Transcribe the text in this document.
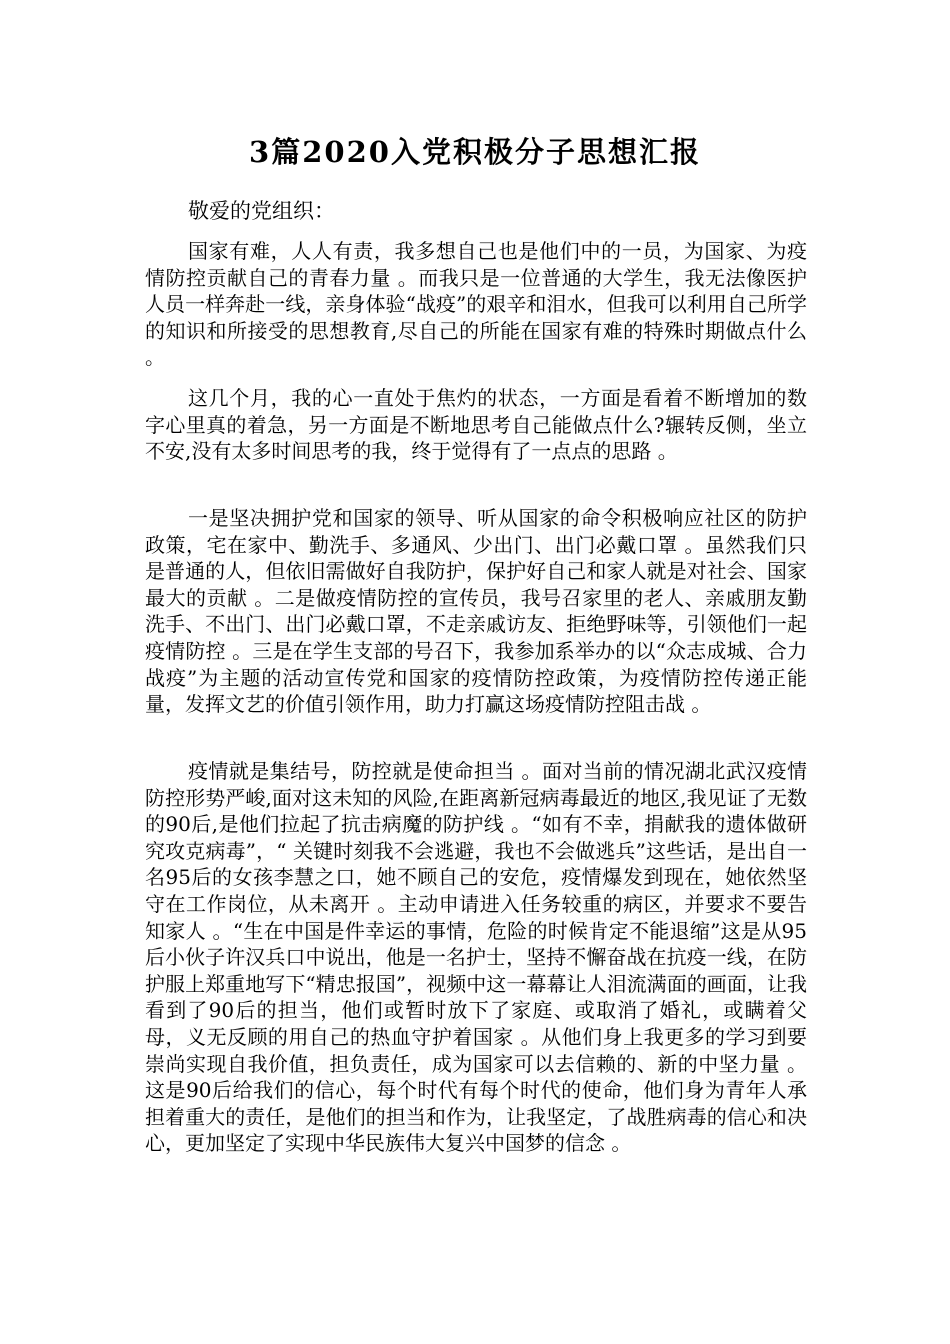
3篇2020入党积极分子思想汇报

敬爱的党组织：

国家有难，人人有责，我多想自己也是他们中的一员，为国家、为疫情防控贡献自己的青春力量 。而我只是一位普通的大学生，我无法像医护人员一样奔赴一线，亲身体验“战疫”的艰辛和泪水，但我可以利用自己所学的知识和所接受的思想教育,尽自己的所能在国家有难的特殊时期做点什么 。

这几个月，我的心一直处于焦灼的状态，一方面是看着不断增加的数字心里真的着急，另一方面是不断地思考自己能做点什么?辗转反侧，坐立不安,没有太多时间思考的我，终于觉得有了一点点的思路 。

一是坚决拥护党和国家的领导、听从国家的命令积极响应社区的防护政策，宅在家中、勤洗手、多通风、少出门、出门必戴口罩 。虽然我们只是普通的人，但依旧需做好自我防护，保护好自己和家人就是对社会、国家最大的贡献 。二是做疫情防控的宣传员，我号召家里的老人、亲戚朋友勤洗手、不出门、出门必戴口罩，不走亲戚访友、拒绝野味等，引领他们一起疫情防控 。三是在学生支部的号召下，我参加系举办的以“众志成城、合力战疫”为主题的活动宣传党和国家的疫情防控政策，为疫情防控传递正能量，发挥文艺的价值引领作用，助力打赢这场疫情防控阻击战 。

疫情就是集结号，防控就是使命担当 。面对当前的情况湖北武汉疫情防控形势严峻,面对这未知的风险,在距离新冠病毒最近的地区,我见证了无数的90后,是他们拉起了抗击病魔的防护线 。“如有不幸，捐献我的遗体做研究攻克病毒”，“ 关键时刻我不会逃避，我也不会做逃兵”这些话，是出自一名95后的女孩李慧之口，她不顾自己的安危，疫情爆发到现在，她依然坚守在工作岗位，从未离开 。主动申请进入任务较重的病区，并要求不要告知家人 。“生在中国是件幸运的事情，危险的时候肯定不能退缩”这是从95后小伙子许汉兵口中说出，他是一名护士，坚持不懈奋战在抗疫一线，在防护服上郑重地写下“精忠报国”，视频中这一幕幕让人泪流满面的画面，让我看到了90后的担当，他们或暂时放下了家庭、或取消了婚礼，或瞒着父母，义无反顾的用自己的热血守护着国家 。从他们身上我更多的学习到要崇尚实现自我价值，担负责任，成为国家可以去信赖的、新的中坚力量 。这是90后给我们的信心，每个时代有每个时代的使命，他们身为青年人承担着重大的责任，是他们的担当和作为，让我坚定，了战胜病毒的信心和决心，更加坚定了实现中华民族伟大复兴中国梦的信念 。
